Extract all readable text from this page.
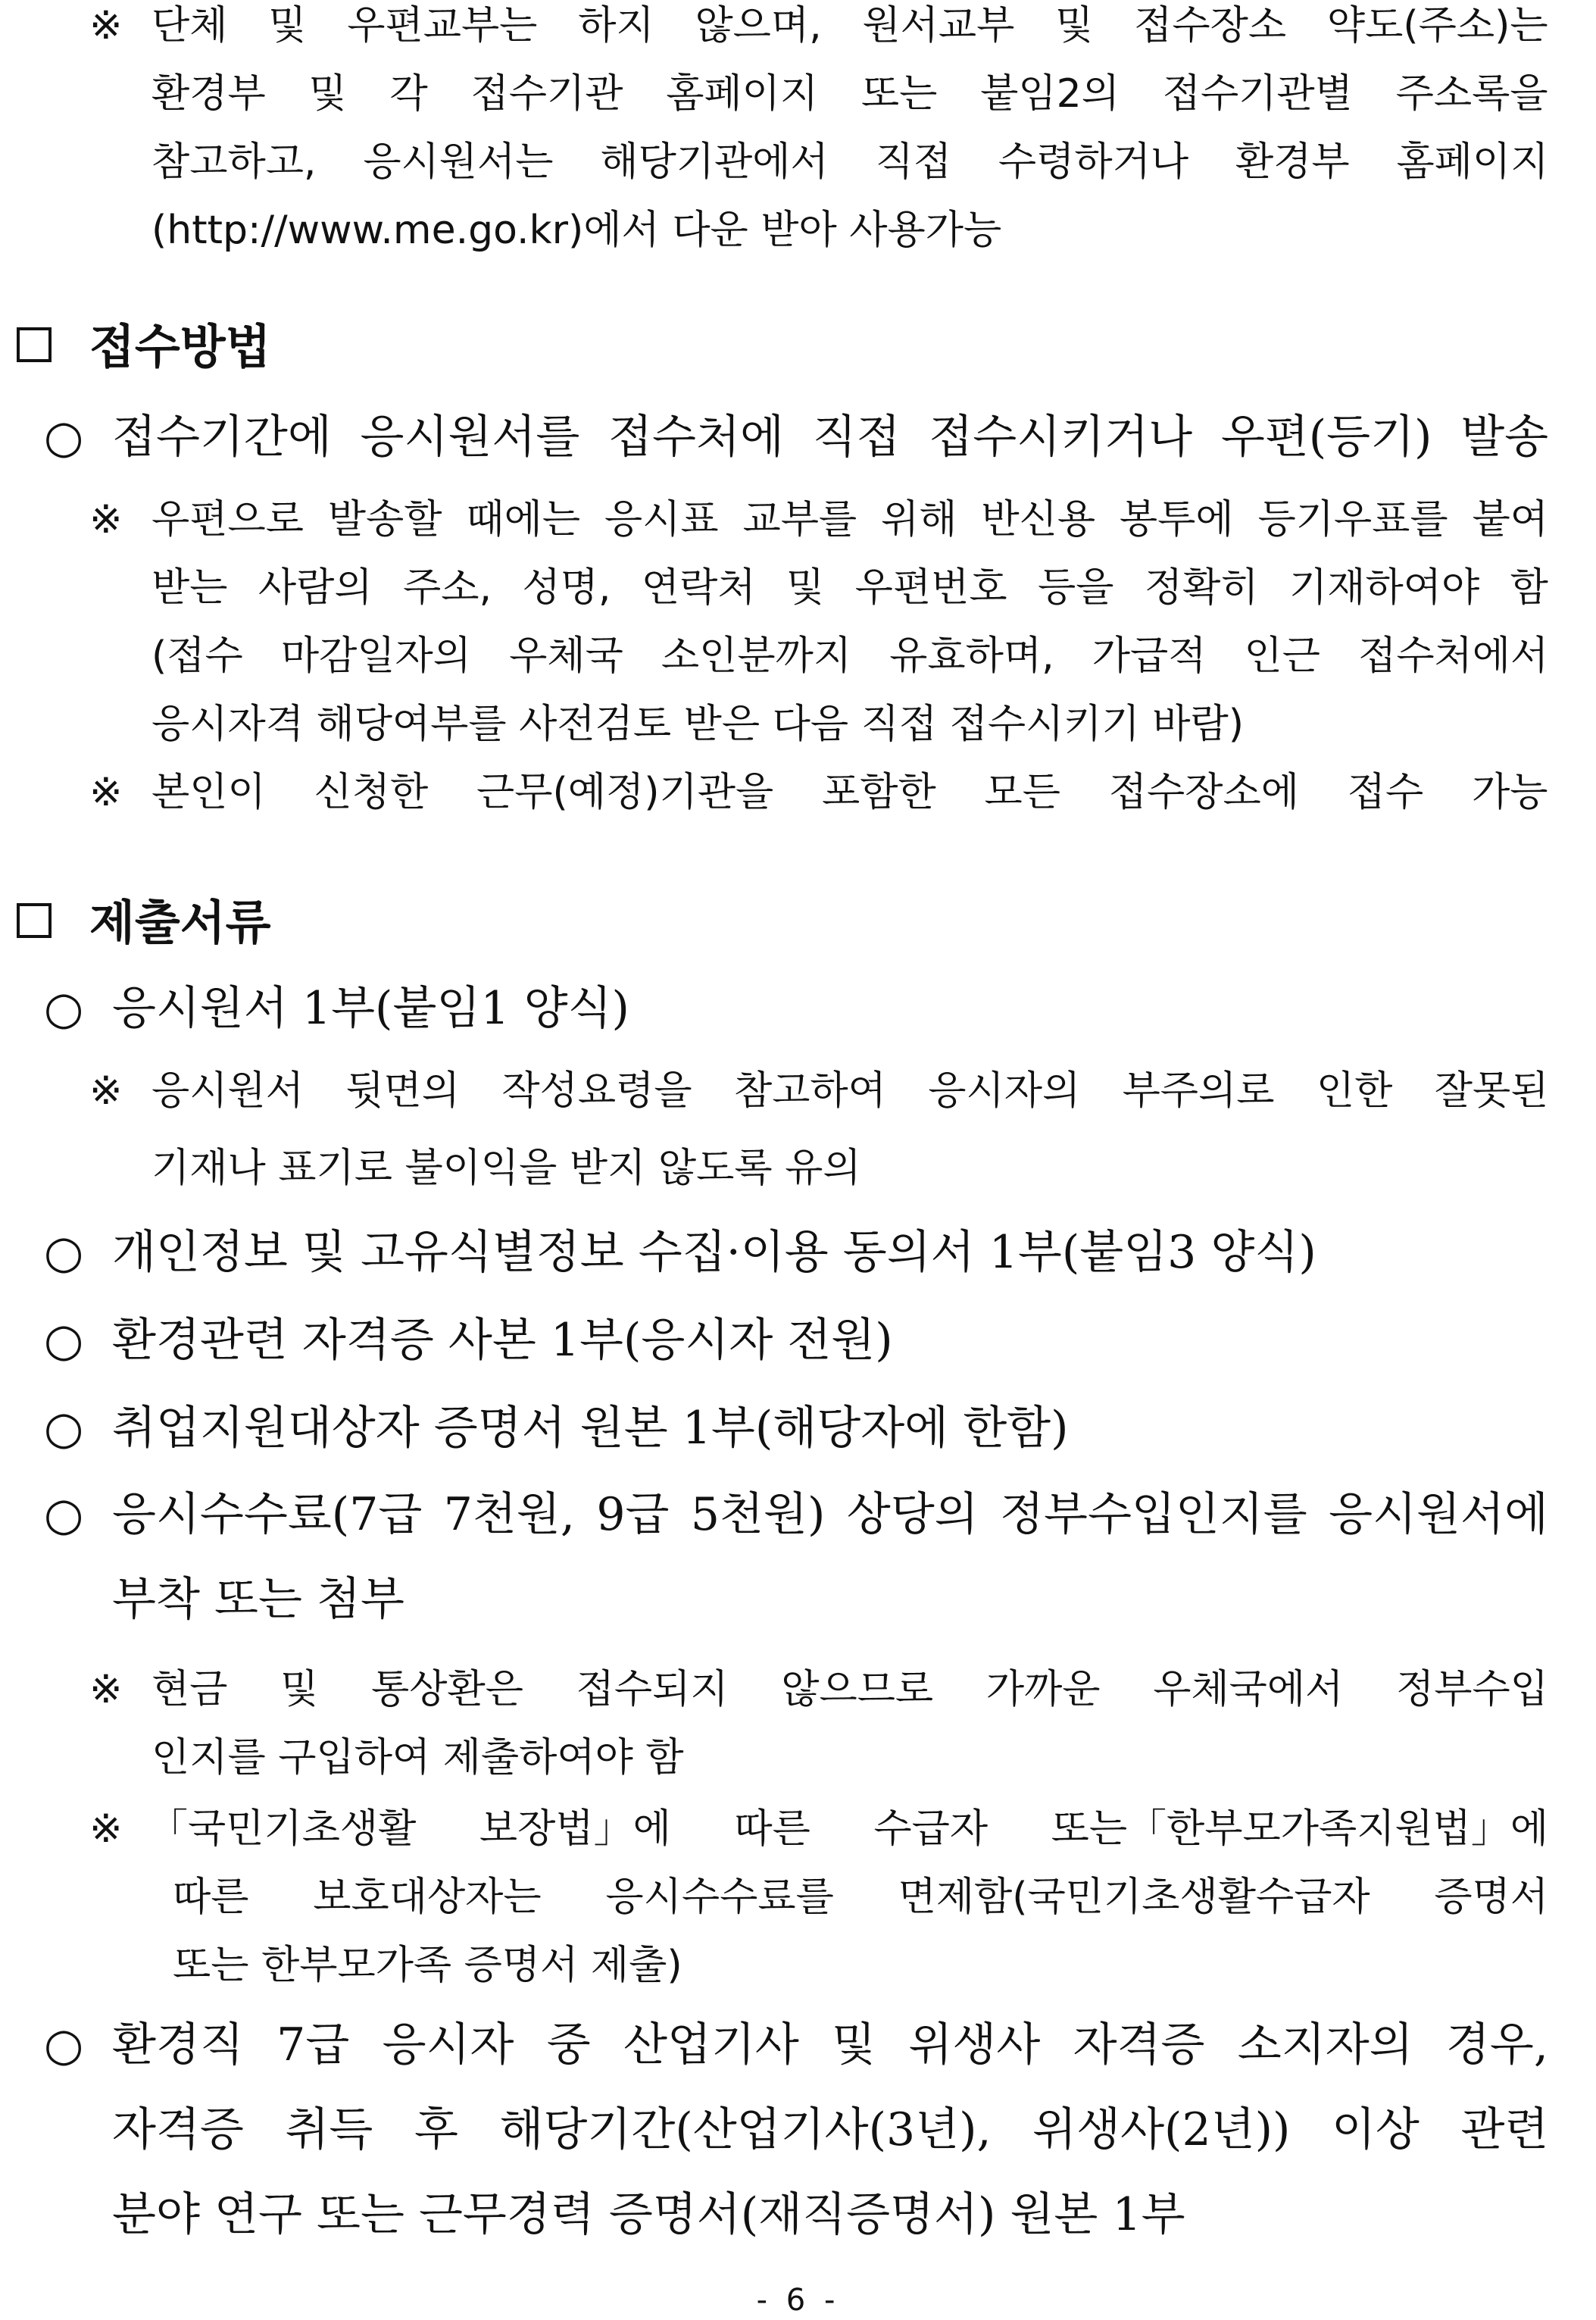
※ 단체 및 우편교부는 하지 않으며, 원서교부 및 접수장소 약도(주소)는

환경부 및 각 접수기관 홈페이지 또는 붙임2의 접수기관별 주소록을

참고하고, 응시원서는 해당기관에서 직접 수령하거나 환경부 홈페이지

(http://www.me.go.kr)에서 다운 받아 사용가능

접수방법
○ 접수기간에 응시원서를 접수처에 직접 접수시키거나 우편(등기) 발송

※ 우편으로 발송할 때에는 응시표 교부를 위해 반신용 봉투에 등기우표를 붙여

받는 사람의 주소, 성명, 연락처 및 우편번호 등을 정확히 기재하여야 함

(접수 마감일자의 우체국 소인분까지 유효하며, 가급적 인근 접수처에서

응시자격 해당여부를 사전검토 받은 다음 직접 접수시키기 바람)

※ 본인이 신청한 근무(예정)기관을 포함한 모든 접수장소에 접수 가능

제출서류
○ 응시원서 1부(붙임1 양식)

※ 응시원서 뒷면의 작성요령을 참고하여 응시자의 부주의로 인한 잘못된

기재나 표기로 불이익을 받지 않도록 유의

○ 개인정보 및 고유식별정보 수집·이용 동의서 1부(붙임3 양식)

○ 환경관련 자격증 사본 1부(응시자 전원)

○ 취업지원대상자 증명서 원본 1부(해당자에 한함)

○ 응시수수료(7급 7천원, 9급 5천원) 상당의 정부수입인지를 응시원서에

부착 또는 첨부

※ 현금 및 통상환은 접수되지 않으므로 가까운 우체국에서 정부수입

인지를 구입하여 제출하여야 함

※ 「국민기초생활 보장법」에 따른 수급자 또는「한부모가족지원법」에

따른 보호대상자는 응시수수료를 면제함(국민기초생활수급자 증명서

또는 한부모가족 증명서 제출)

○ 환경직 7급 응시자 중 산업기사 및 위생사 자격증 소지자의 경우,

자격증 취득 후 해당기간(산업기사(3년), 위생사(2년)) 이상 관련

분야 연구 또는 근무경력 증명서(재직증명서) 원본 1부

- 6 -
